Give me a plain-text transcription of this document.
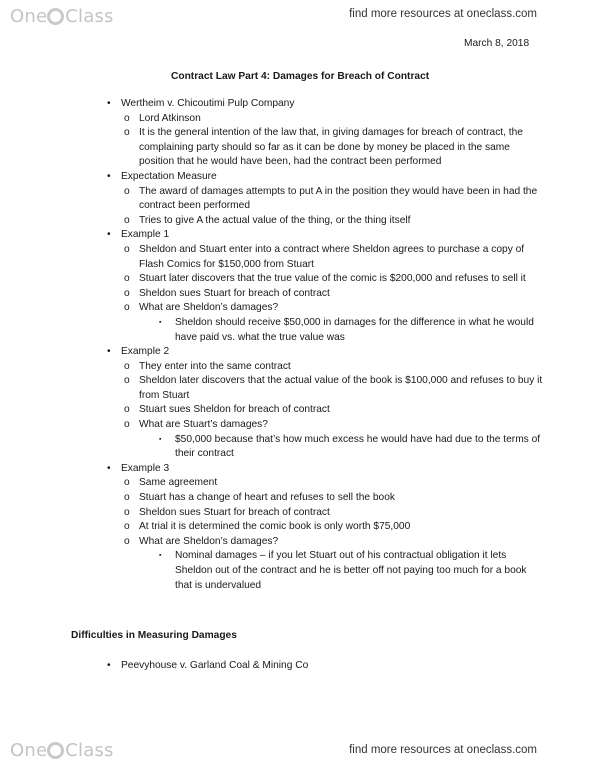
One Class	find more resources at oneclass.com
March 8, 2018
Contract Law Part 4: Damages for Breach of Contract
• Wertheim v. Chicoutimi Pulp Company
o Lord Atkinson
o It is the general intention of the law that, in giving damages for breach of contract, the complaining party should so far as it can be done by money be placed in the same position that he would have been, had the contract been performed
• Expectation Measure
o The award of damages attempts to put A in the position they would have been in had the contract been performed
o Tries to give A the actual value of the thing, or the thing itself
• Example 1
o Sheldon and Stuart enter into a contract where Sheldon agrees to purchase a copy of Flash Comics for $150,000 from Stuart
o Stuart later discovers that the true value of the comic is $200,000 and refuses to sell it
o Sheldon sues Stuart for breach of contract
o What are Sheldon’s damages?
▪ Sheldon should receive $50,000 in damages for the difference in what he would have paid vs. what the true value was
• Example 2
o They enter into the same contract
o Sheldon later discovers that the actual value of the book is $100,000 and refuses to buy it from Stuart
o Stuart sues Sheldon for breach of contract
o What are Stuart’s damages?
▪ $50,000 because that’s how much excess he would have had due to the terms of their contract
• Example 3
o Same agreement
o Stuart has a change of heart and refuses to sell the book
o Sheldon sues Stuart for breach of contract
o At trial it is determined the comic book is only worth $75,000
o What are Sheldon’s damages?
▪ Nominal damages – if you let Stuart out of his contractual obligation it lets Sheldon out of the contract and he is better off not paying too much for a book that is undervalued
Difficulties in Measuring Damages
• Peevyhouse v. Garland Coal & Mining Co
One Class	find more resources at oneclass.com
